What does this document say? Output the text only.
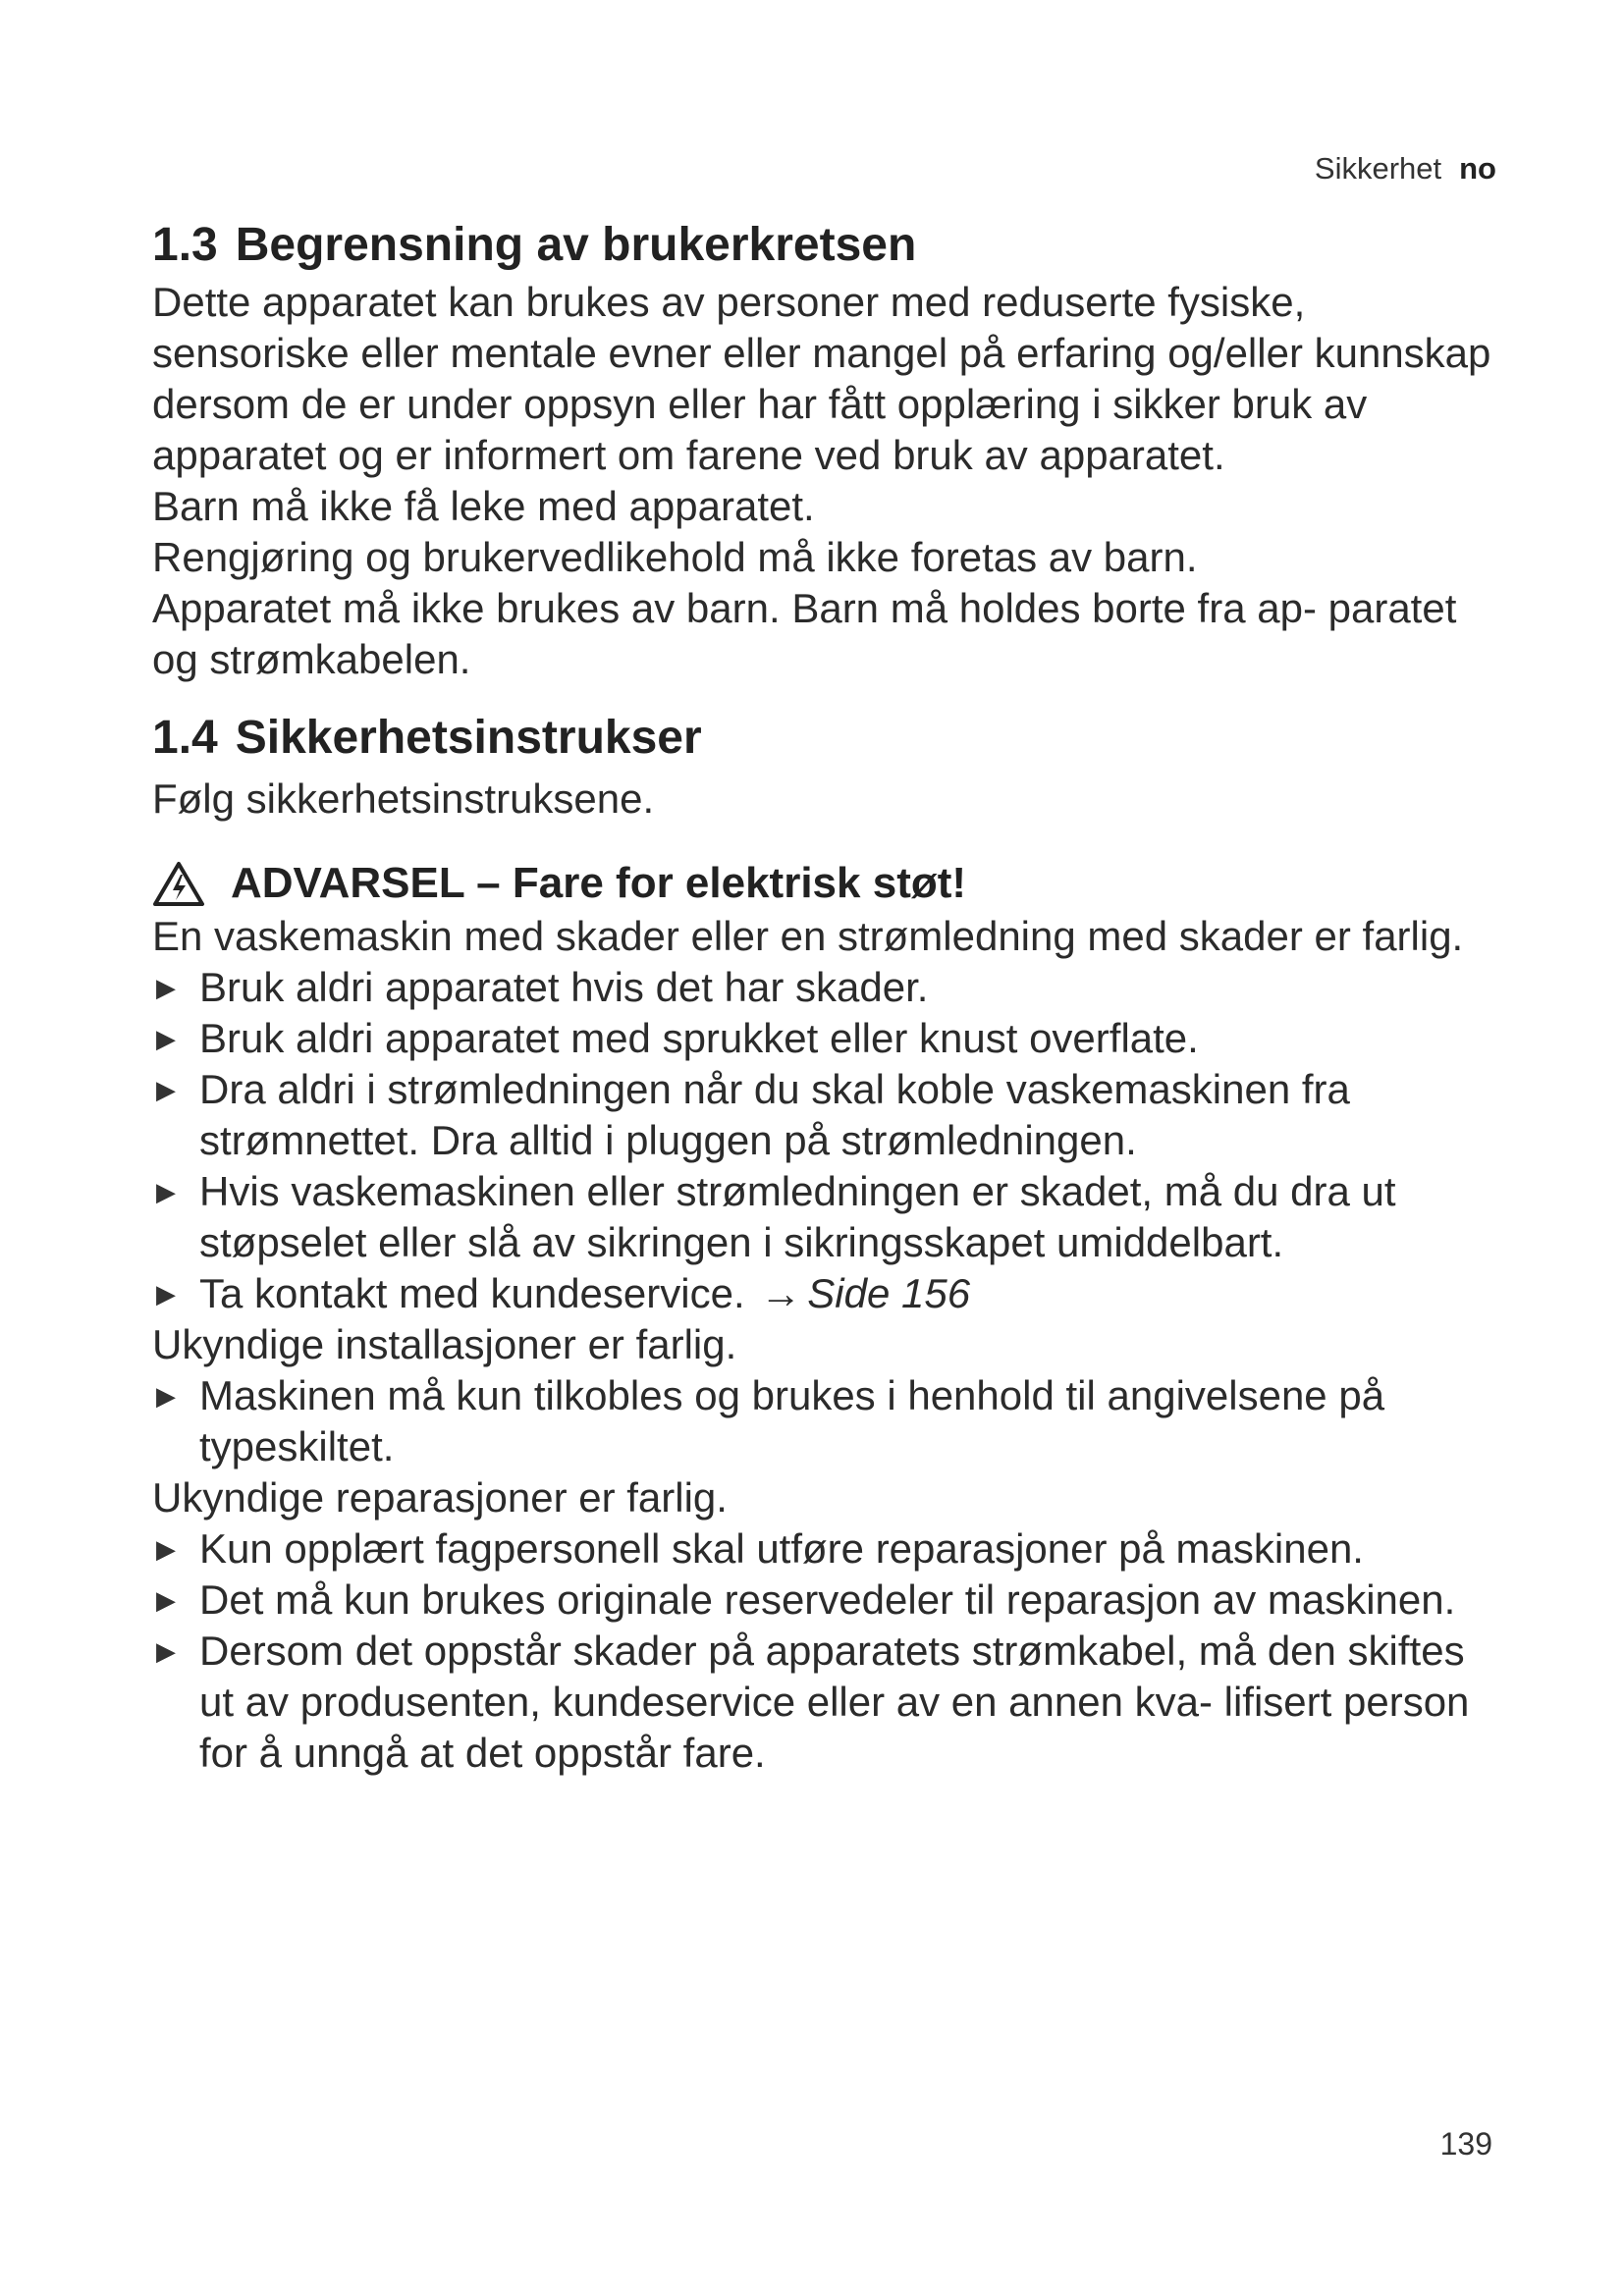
Sikkerhet no
1.3 Begrensning av brukerkretsen

Dette apparatet kan brukes av personer med reduserte fysiske, sensoriske eller mentale evner eller mangel på erfaring og/eller kunnskap dersom de er under oppsyn eller har fått opplæring i sikker bruk av apparatet og er informert om farene ved bruk av apparatet.

Barn må ikke få leke med apparatet.

Rengjøring og brukervedlikehold må ikke foretas av barn.

Apparatet må ikke brukes av barn. Barn må holdes borte fra ap- paratet og strømkabelen.

1.4 Sikkerhetsinstrukser

Følg sikkerhetsinstruksene.

ADVARSEL – Fare for elektrisk støt!

En vaskemaskin med skader eller en strømledning med skader er farlig.

▶ Bruk aldri apparatet hvis det har skader.
▶ Bruk aldri apparatet med sprukket eller knust overflate.
▶ Dra aldri i strømledningen når du skal koble vaskemaskinen fra strømnettet. Dra alltid i pluggen på strømledningen.
▶ Hvis vaskemaskinen eller strømledningen er skadet, må du dra ut støpselet eller slå av sikringen i sikringsskapet umiddelbart.
▶ Ta kontakt med kundeservice. → Side 156

Ukyndige installasjoner er farlig.

▶ Maskinen må kun tilkobles og brukes i henhold til angivelsene på typeskiltet.

Ukyndige reparasjoner er farlig.

▶ Kun opplært fagpersonell skal utføre reparasjoner på maskinen.
▶ Det må kun brukes originale reservedeler til reparasjon av maskinen.
▶ Dersom det oppstår skader på apparatets strømkabel, må den skiftes ut av produsenten, kundeservice eller av en annen kva- lifisert person for å unngå at det oppstår fare.
139
